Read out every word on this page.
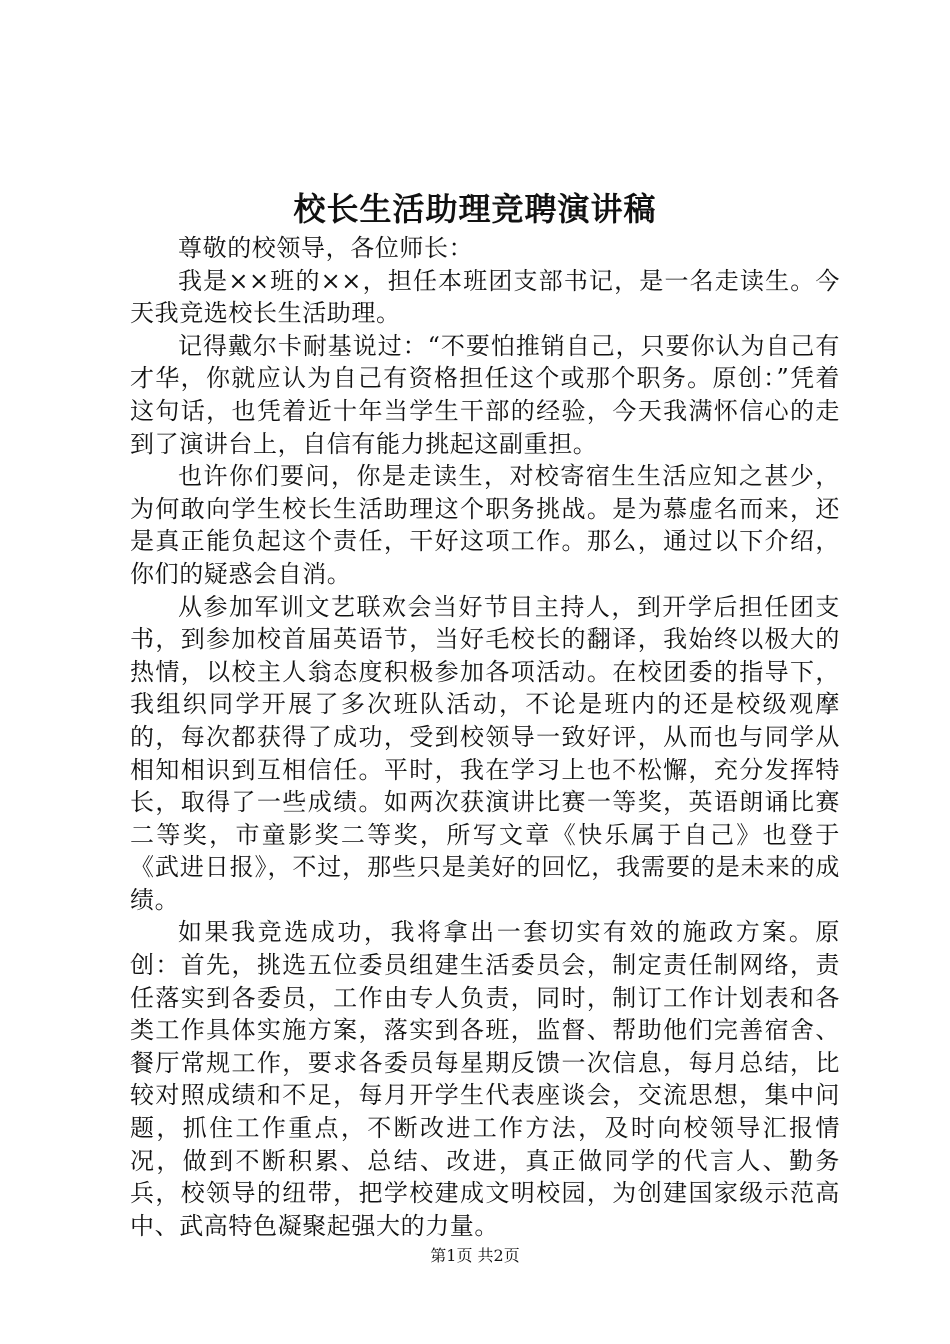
校长生活助理竞聘演讲稿

尊敬的校领导，各位师长：

我是××班的××，担任本班团支部书记，是一名走读生。今天我竞选校长生活助理。

记得戴尔卡耐基说过：“不要怕推销自己，只要你认为自己有才华，你就应认为自己有资格担任这个或那个职务。原创：”凭着这句话，也凭着近十年当学生干部的经验，今天我满怀信心的走到了演讲台上，自信有能力挑起这副重担。

也许你们要问，你是走读生，对校寄宿生生活应知之甚少，为何敢向学生校长生活助理这个职务挑战。是为慕虚名而来，还是真正能负起这个责任，干好这项工作。那么，通过以下介绍，你们的疑惑会自消。

从参加军训文艺联欢会当好节目主持人，到开学后担任团支书，到参加校首届英语节，当好毛校长的翻译，我始终以极大的热情，以校主人翁态度积极参加各项活动。在校团委的指导下，我组织同学开展了多次班队活动，不论是班内的还是校级观摩的，每次都获得了成功，受到校领导一致好评，从而也与同学从相知相识到互相信任。平时，我在学习上也不松懈，充分发挥特长，取得了一些成绩。如两次获演讲比赛一等奖，英语朗诵比赛二等奖，市童影奖二等奖，所写文章《快乐属于自己》也登于《武进日报》，不过，那些只是美好的回忆，我需要的是未来的成绩。

如果我竞选成功，我将拿出一套切实有效的施政方案。原创：首先，挑选五位委员组建生活委员会，制定责任制网络，责任落实到各委员，工作由专人负责，同时，制订工作计划表和各类工作具体实施方案，落实到各班，监督、帮助他们完善宿舍、餐厅常规工作，要求各委员每星期反馈一次信息，每月总结，比较对照成绩和不足，每月开学生代表座谈会，交流思想，集中问题，抓住工作重点，不断改进工作方法，及时向校领导汇报情况，做到不断积累、总结、改进，真正做同学的代言人、勤务兵，校领导的纽带，把学校建成文明校园，为创建国家级示范高中、武高特色凝聚起强大的力量。

第1页 共2页
